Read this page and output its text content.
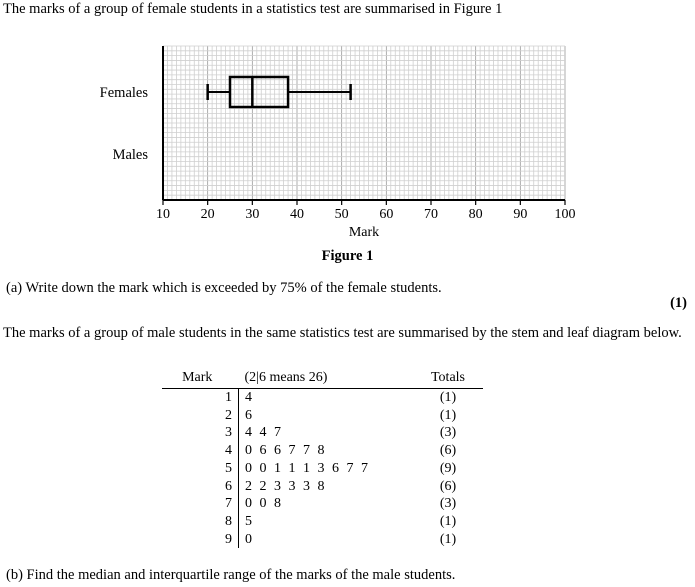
The marks of a group of female students in a statistics test are summarised in Figure 1
10 20 30 40 50 60 70 80 90 100
Mark
Females
Males
Figure 1
(a) Write down the mark which is exceeded by 75% of the female students.
(1)
The marks of a group of male students in the same statistics test are summarised by the stem and leaf diagram below.
Mark	(2|6 means 26)	Totals
1	4	(1)
2	6	(1)
3	4 4 7	(3)
4	0 6 6 7 7 8	(6)
5	0 0 1 1 1 3 6 7 7	(9)
6	2 2 3 3 3 8	(6)
7	0 0 8	(3)
8	5	(1)
9	0	(1)
(b) Find the median and interquartile range of the marks of the male students.
